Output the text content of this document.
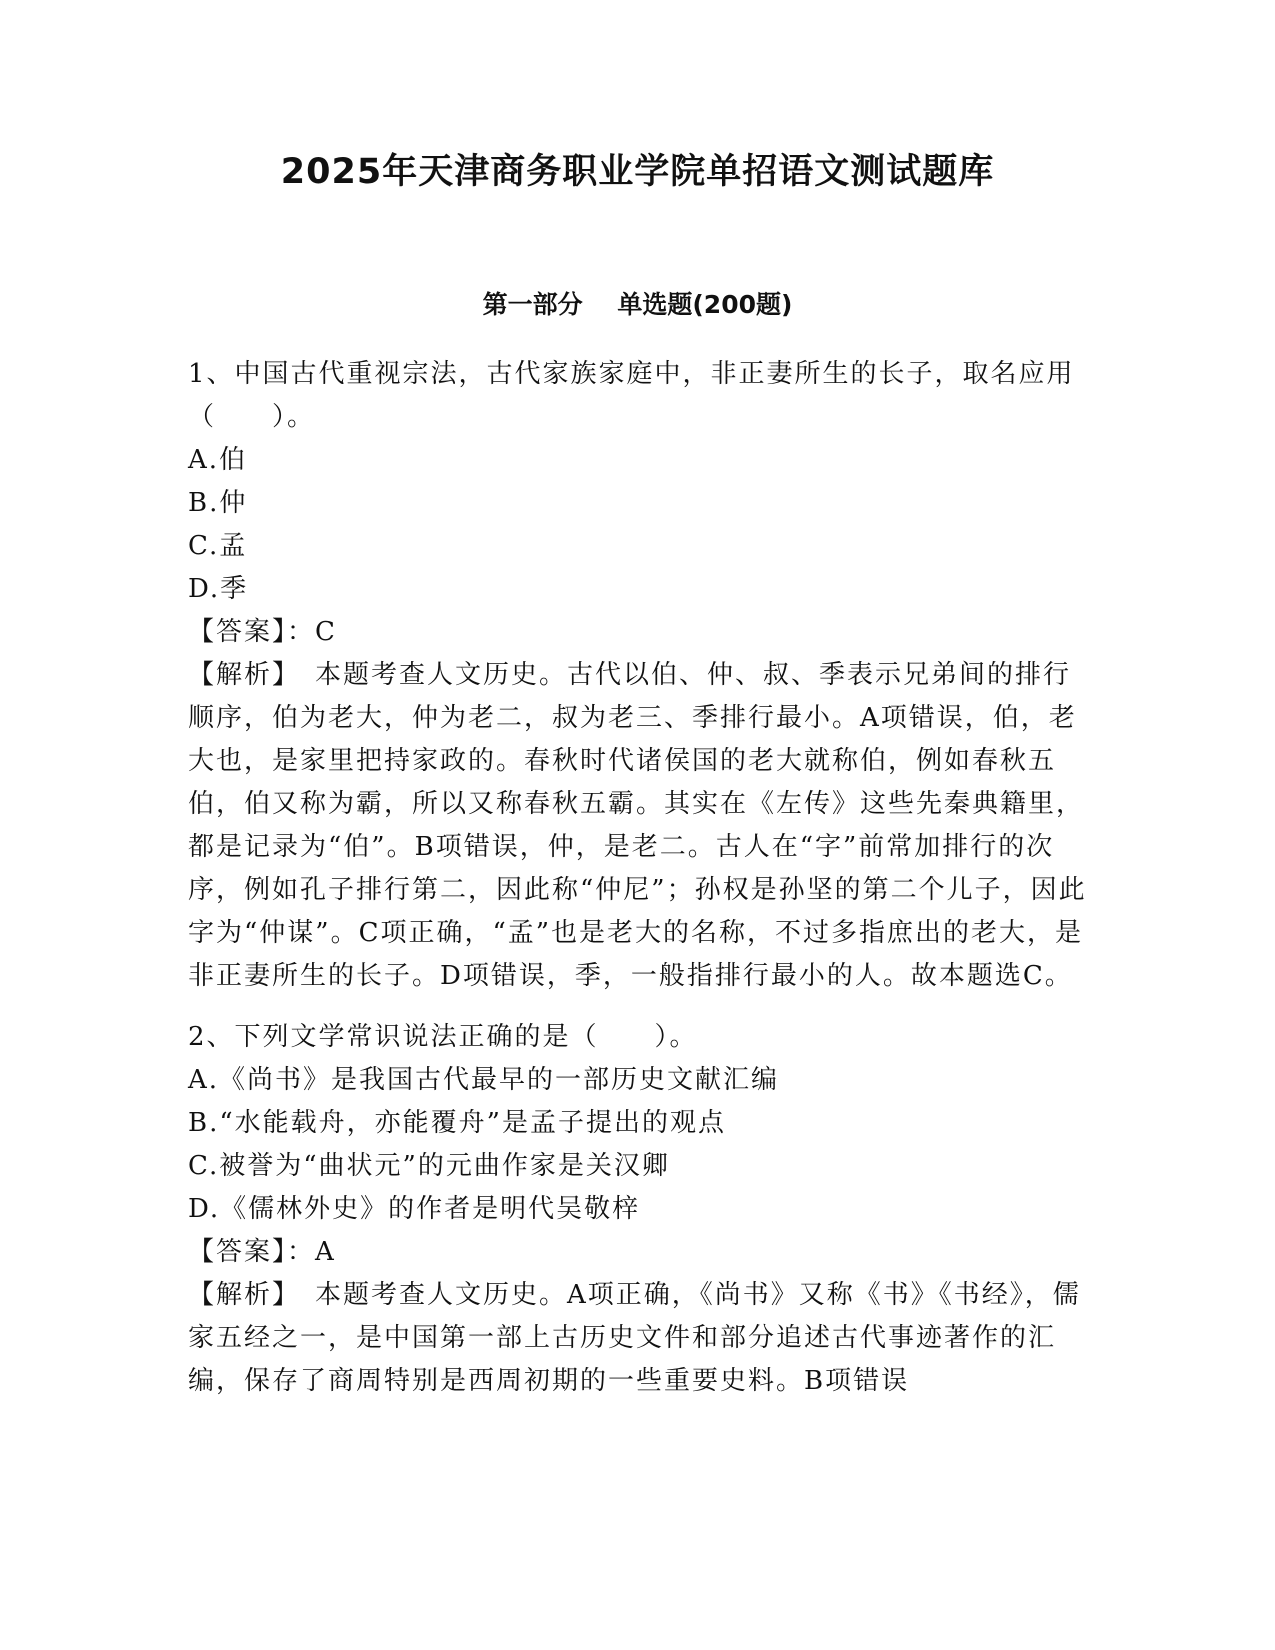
2025年天津商务职业学院单招语文测试题库
第一部分    单选题(200题)

1、中国古代重视宗法，古代家族家庭中，非正妻所生的长子，取名应用（　　）。

A.伯

B.仲

C.孟

D.季

【答案】：C

【解析】　本题考查人文历史。古代以伯、仲、叔、季表示兄弟间的排行顺序，伯为老大，仲为老二，叔为老三、季排行最小。A项错误，伯，老大也，是家里把持家政的。春秋时代诸侯国的老大就称伯，例如春秋五伯，伯又称为霸，所以又称春秋五霸。其实在《左传》这些先秦典籍里，都是记录为“伯”。B项错误，仲，是老二。古人在“字”前常加排行的次序，例如孔子排行第二，因此称“仲尼”；孙权是孙坚的第二个儿子，因此字为“仲谋”。C项正确，“孟”也是老大的名称，不过多指庶出的老大，是非正妻所生的长子。D项错误，季，一般指排行最小的人。故本题选C。

2、下列文学常识说法正确的是（　　）。

A.《尚书》是我国古代最早的一部历史文献汇编

B.“水能载舟，亦能覆舟”是孟子提出的观点

C.被誉为“曲状元”的元曲作家是关汉卿

D.《儒林外史》的作者是明代吴敬梓

【答案】：A

【解析】　本题考查人文历史。A项正确，《尚书》又称《书》《书经》，儒家五经之一，是中国第一部上古历史文件和部分追述古代事迹著作的汇编，保存了商周特别是西周初期的一些重要史料。B项错误
